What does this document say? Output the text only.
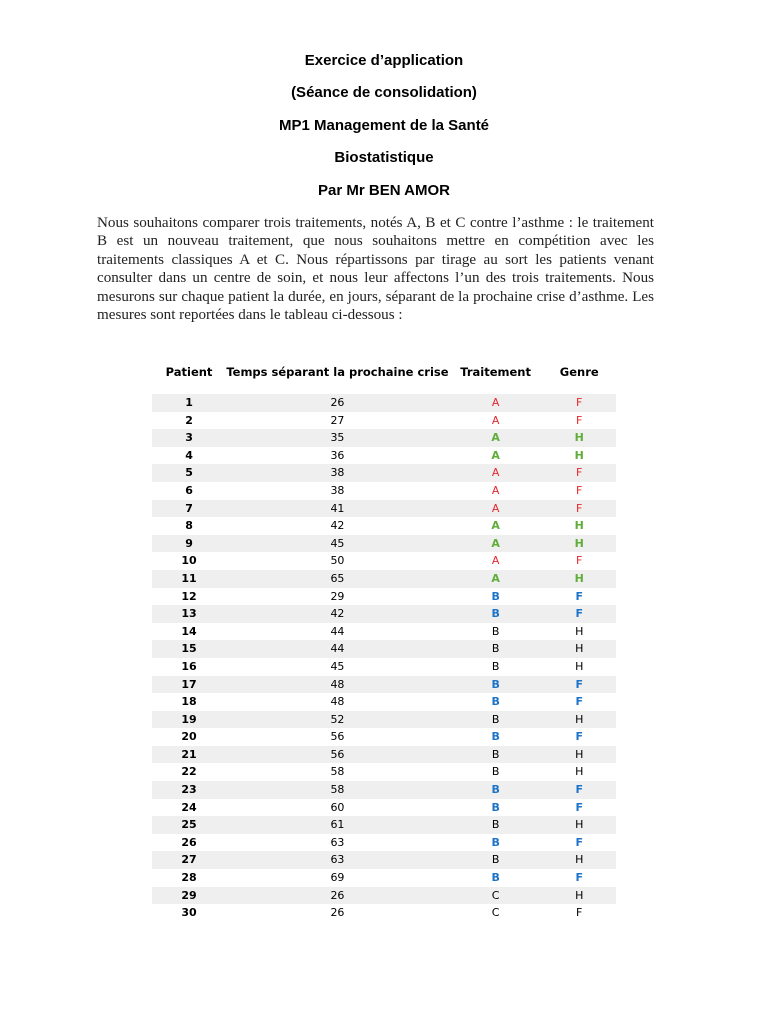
Exercice d’application
(Séance de consolidation)
MP1 Management de la Santé
Biostatistique
Par Mr BEN AMOR

Nous souhaitons comparer trois traitements, notés A, B et C contre l’asthme : le traitement B est un nouveau traitement, que nous souhaitons mettre en compétition avec les traitements classiques A et C. Nous répartissons par tirage au sort les patients venant consulter dans un centre de soin, et nous leur affectons l’un des trois traitements. Nous mesurons sur chaque patient la durée, en jours, séparant de la prochaine crise d’asthme. Les mesures sont reportées dans le tableau ci-dessous :

Patient	Temps séparant la prochaine crise	Traitement	Genre
1	26	A	F
2	27	A	F
3	35	A	H
4	36	A	H
5	38	A	F
6	38	A	F
7	41	A	F
8	42	A	H
9	45	A	H
10	50	A	F
11	65	A	H
12	29	B	F
13	42	B	F
14	44	B	H
15	44	B	H
16	45	B	H
17	48	B	F
18	48	B	F
19	52	B	H
20	56	B	F
21	56	B	H
22	58	B	H
23	58	B	F
24	60	B	F
25	61	B	H
26	63	B	F
27	63	B	H
28	69	B	F
29	26	C	H
30	26	C	F
